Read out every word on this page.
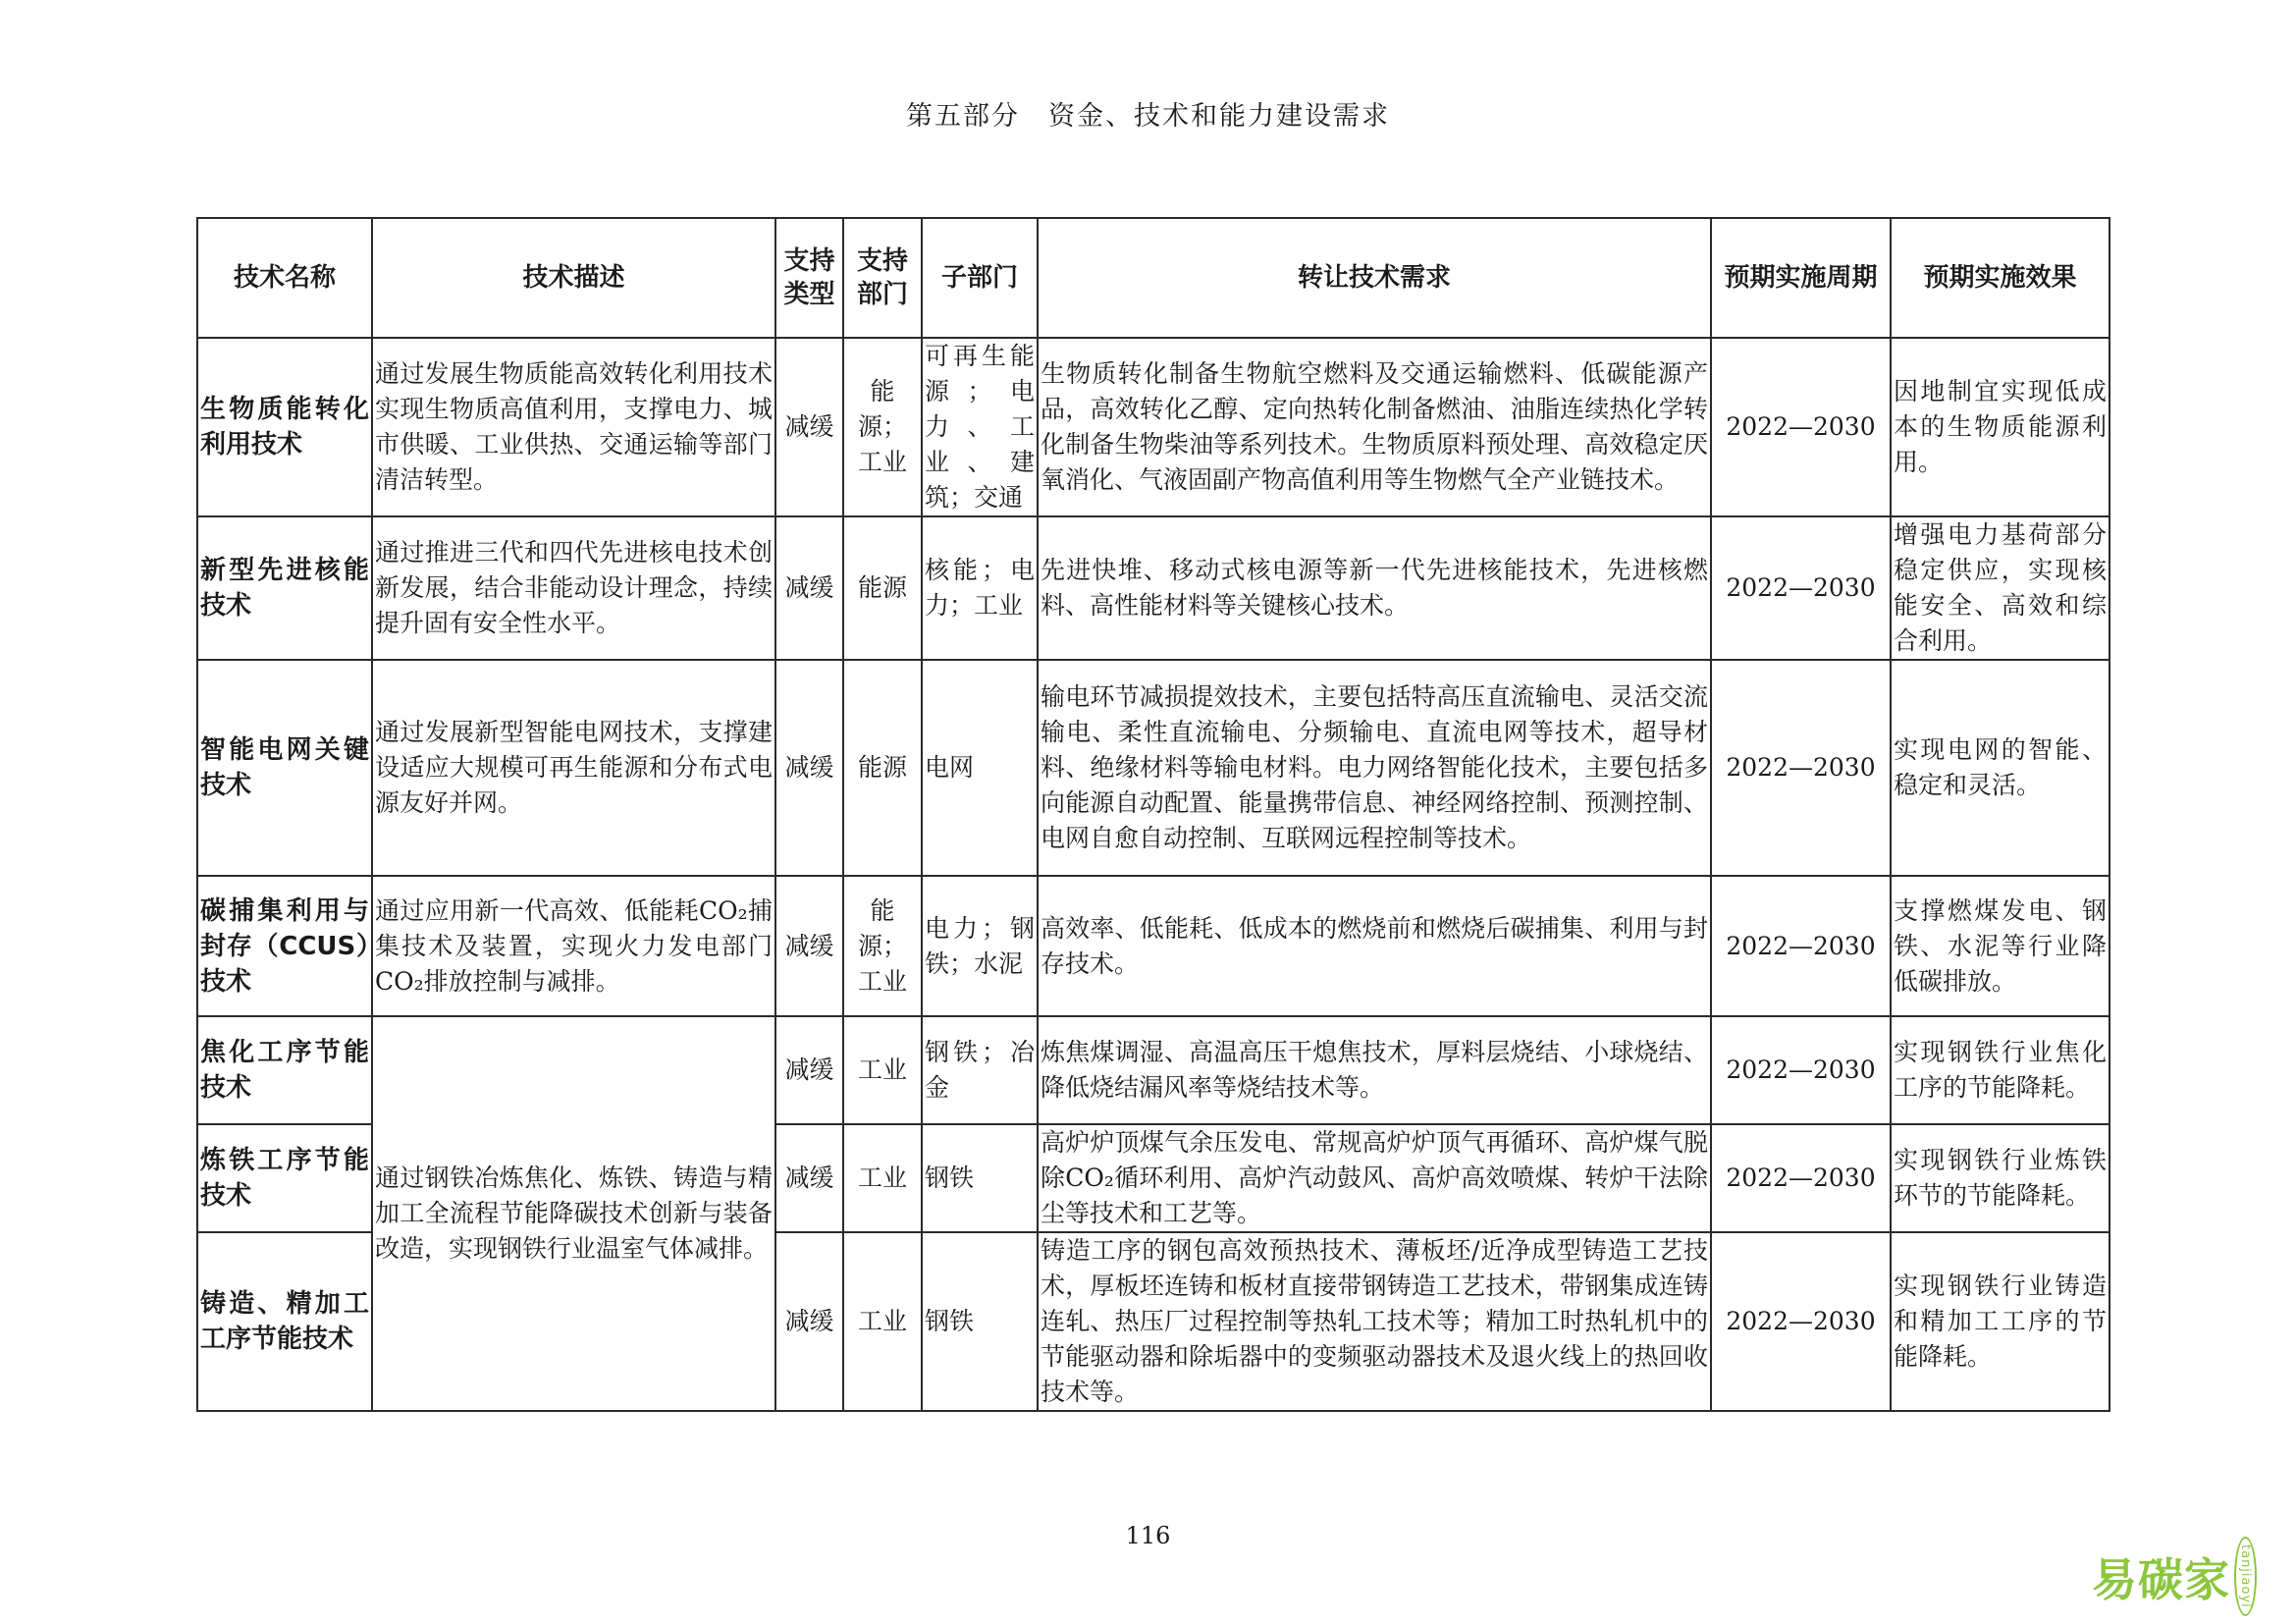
第五部分　资金、技术和能力建设需求
技术名称	技术描述	支持类型	支持部门	子部门	转让技术需求	预期实施周期	预期实施效果
生物质能转化利用技术	通过发展生物质能高效转化利用技术实现生物质高值利用，支撑电力、城市供暖、工业供热、交通运输等部门清洁转型。	减缓	能源；工业	可再生能源；电力、工业、建筑；交通	生物质转化制备生物航空燃料及交通运输燃料、低碳能源产品，高效转化乙醇、定向热转化制备燃油、油脂连续热化学转化制备生物柴油等系列技术。生物质原料预处理、高效稳定厌氧消化、气液固副产物高值利用等生物燃气全产业链技术。	2022—2030	因地制宜实现低成本的生物质能源利用。
新型先进核能技术	通过推进三代和四代先进核电技术创新发展，结合非能动设计理念，持续提升固有安全性水平。	减缓	能源	核能；电力；工业	先进快堆、移动式核电源等新一代先进核能技术，先进核燃料、高性能材料等关键核心技术。	2022—2030	增强电力基荷部分稳定供应，实现核能安全、高效和综合利用。
智能电网关键技术	通过发展新型智能电网技术，支撑建设适应大规模可再生能源和分布式电源友好并网。	减缓	能源	电网	输电环节减损提效技术，主要包括特高压直流输电、灵活交流输电、柔性直流输电、分频输电、直流电网等技术，超导材料、绝缘材料等输电材料。电力网络智能化技术，主要包括多向能源自动配置、能量携带信息、神经网络控制、预测控制、电网自愈自动控制、互联网远程控制等技术。	2022—2030	实现电网的智能、稳定和灵活。
碳捕集利用与封存（CCUS）技术	通过应用新一代高效、低能耗CO₂捕集技术及装置，实现火力发电部门CO₂排放控制与减排。	减缓	能源；工业	电力；钢铁；水泥	高效率、低能耗、低成本的燃烧前和燃烧后碳捕集、利用与封存技术。	2022—2030	支撑燃煤发电、钢铁、水泥等行业降低碳排放。
焦化工序节能技术	通过钢铁冶炼焦化、炼铁、铸造与精加工全流程节能降碳技术创新与装备改造，实现钢铁行业温室气体减排。	减缓	工业	钢铁；冶金	炼焦煤调湿、高温高压干熄焦技术，厚料层烧结、小球烧结、降低烧结漏风率等烧结技术等。	2022—2030	实现钢铁行业焦化工序的节能降耗。
炼铁工序节能技术		减缓	工业	钢铁	高炉炉顶煤气余压发电、常规高炉炉顶气再循环、高炉煤气脱除CO₂循环利用、高炉汽动鼓风、高炉高效喷煤、转炉干法除尘等技术和工艺等。	2022—2030	实现钢铁行业炼铁环节的节能降耗。
铸造、精加工工序节能技术		减缓	工业	钢铁	铸造工序的钢包高效预热技术、薄板坯/近净成型铸造工艺技术，厚板坯连铸和板材直接带钢铸造工艺技术，带钢集成连铸连轧、热压厂过程控制等热轧工技术等；精加工时热轧机中的节能驱动器和除垢器中的变频驱动器技术及退火线上的热回收技术等。	2022—2030	实现钢铁行业铸造和精加工工序的节能降耗。
116
易碳家 tanjiaoyi
